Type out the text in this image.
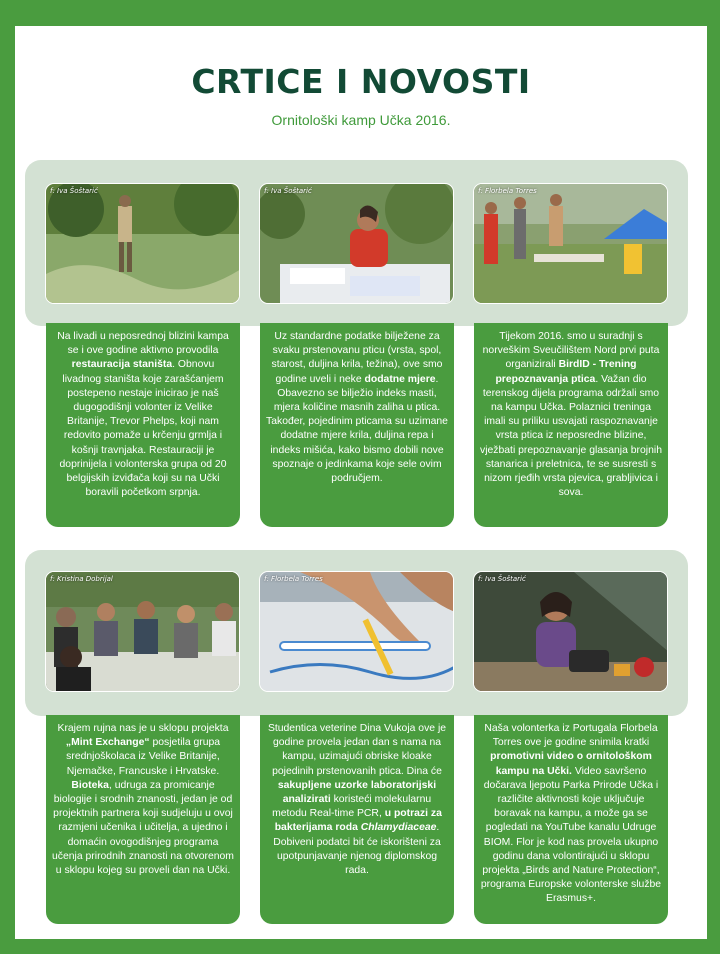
CRTICE I NOVOSTI
Ornitološki kamp Učka 2016.
f: Iva Šoštarić	f: Iva Šoštarić	f: Florbela Torres
f: Kristina Dobrijal	f: Florbela Torres	f: Iva Šoštarić
Na livadi u neposrednoj blizini kampa se i ove godine aktivno provodila restauracija staništa. Obnovu livadnog staništa koje zarašćanjem postepeno nestaje inicirao je naš dugogodišnji volonter iz Velike Britanije, Trevor Phelps, koji nam redovito pomaže u krčenju grmlja i košnji travnjaka. Restauraciji je doprinijela i volonterska grupa od 20 belgijskih izviđača koji su na Učki boravili početkom srpnja.
Uz standardne podatke bilježene za svaku prstenovanu pticu (vrsta, spol, starost, duljina krila, težina), ove smo godine uveli i neke dodatne mjere. Obavezno se bilježio indeks masti, mjera količine masnih zaliha u ptica. Također, pojedinim pticama su uzimane dodatne mjere krila, duljina repa i indeks mišića, kako bismo dobili nove spoznaje o jedinkama koje sele ovim područjem.
Tijekom 2016. smo u suradnji s norveškim Sveučilištem Nord prvi puta organizirali BirdID - Trening prepoznavanja ptica. Važan dio terenskog dijela programa održali smo na kampu Učka. Polaznici treninga imali su priliku usvajati raspoznavanje vrsta ptica iz neposredne blizine, vježbati prepoznavanje glasanja brojnih stanarica i preletnica, te se susresti s nizom rjeđih vrsta pjevica, grabljivica i sova.
Krajem rujna nas je u sklopu projekta „Mint Exchange“ posjetila grupa srednjoškolaca iz Velike Britanije, Njemačke, Francuske i Hrvatske. Bioteka, udruga za promicanje biologije i srodnih znanosti, jedan je od projektnih partnera koji sudjeluju u ovoj razmjeni učenika i učitelja, a ujedno i domaćin ovogodišnjeg programa učenja prirodnih znanosti na otvorenom u sklopu kojeg su proveli dan na Učki.
Studentica veterine Dina Vukoja ove je godine provela jedan dan s nama na kampu, uzimajući obriske kloake pojedinih prstenovanih ptica. Dina će sakupljene uzorke laboratorijski analizirati koristeći molekularnu metodu Real-time PCR, u potrazi za bakterijama roda Chlamydiaceae. Dobiveni podatci bit će iskorišteni za upotpunjavanje njenog diplomskog rada.
Naša volonterka iz Portugala Florbela Torres ove je godine snimila kratki promotivni video o ornitološkom kampu na Učki. Video savršeno dočarava ljepotu Parka Prirode Učka i različite aktivnosti koje uključuje boravak na kampu, a može ga se pogledati na YouTube kanalu Udruge BIOM. Flor je kod nas provela ukupno godinu dana volontirajući u sklopu projekta „Birds and Nature Protection“, programa Europske volonterske službe Erasmus+.
